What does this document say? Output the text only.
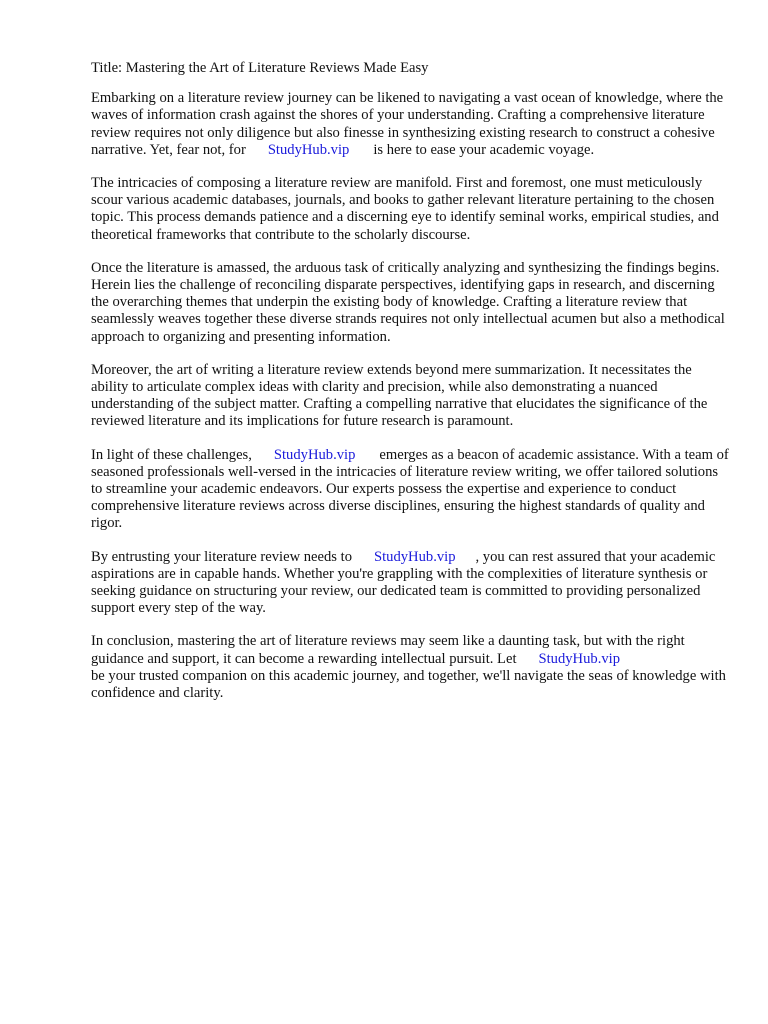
Title: Mastering the Art of Literature Reviews Made Easy

Embarking on a literature review journey can be likened to navigating a vast ocean of knowledge, where the waves of information crash against the shores of your understanding. Crafting a comprehensive literature review requires not only diligence but also finesse in synthesizing existing research to construct a cohesive narrative. Yet, fear not, for StudyHub.vip is here to ease your academic voyage.

The intricacies of composing a literature review are manifold. First and foremost, one must meticulously scour various academic databases, journals, and books to gather relevant literature pertaining to the chosen topic. This process demands patience and a discerning eye to identify seminal works, empirical studies, and theoretical frameworks that contribute to the scholarly discourse.

Once the literature is amassed, the arduous task of critically analyzing and synthesizing the findings begins. Herein lies the challenge of reconciling disparate perspectives, identifying gaps in research, and discerning the overarching themes that underpin the existing body of knowledge. Crafting a literature review that seamlessly weaves together these diverse strands requires not only intellectual acumen but also a methodical approach to organizing and presenting information.

Moreover, the art of writing a literature review extends beyond mere summarization. It necessitates the ability to articulate complex ideas with clarity and precision, while also demonstrating a nuanced understanding of the subject matter. Crafting a compelling narrative that elucidates the significance of the reviewed literature and its implications for future research is paramount.

In light of these challenges, StudyHub.vip emerges as a beacon of academic assistance. With a team of seasoned professionals well-versed in the intricacies of literature review writing, we offer tailored solutions to streamline your academic endeavors. Our experts possess the expertise and experience to conduct comprehensive literature reviews across diverse disciplines, ensuring the highest standards of quality and rigor.

By entrusting your literature review needs to StudyHub.vip , you can rest assured that your academic aspirations are in capable hands. Whether you're grappling with the complexities of literature synthesis or seeking guidance on structuring your review, our dedicated team is committed to providing personalized support every step of the way.

In conclusion, mastering the art of literature reviews may seem like a daunting task, but with the right guidance and support, it can become a rewarding intellectual pursuit. Let StudyHub.vip
be your trusted companion on this academic journey, and together, we'll navigate the seas of knowledge with confidence and clarity.
